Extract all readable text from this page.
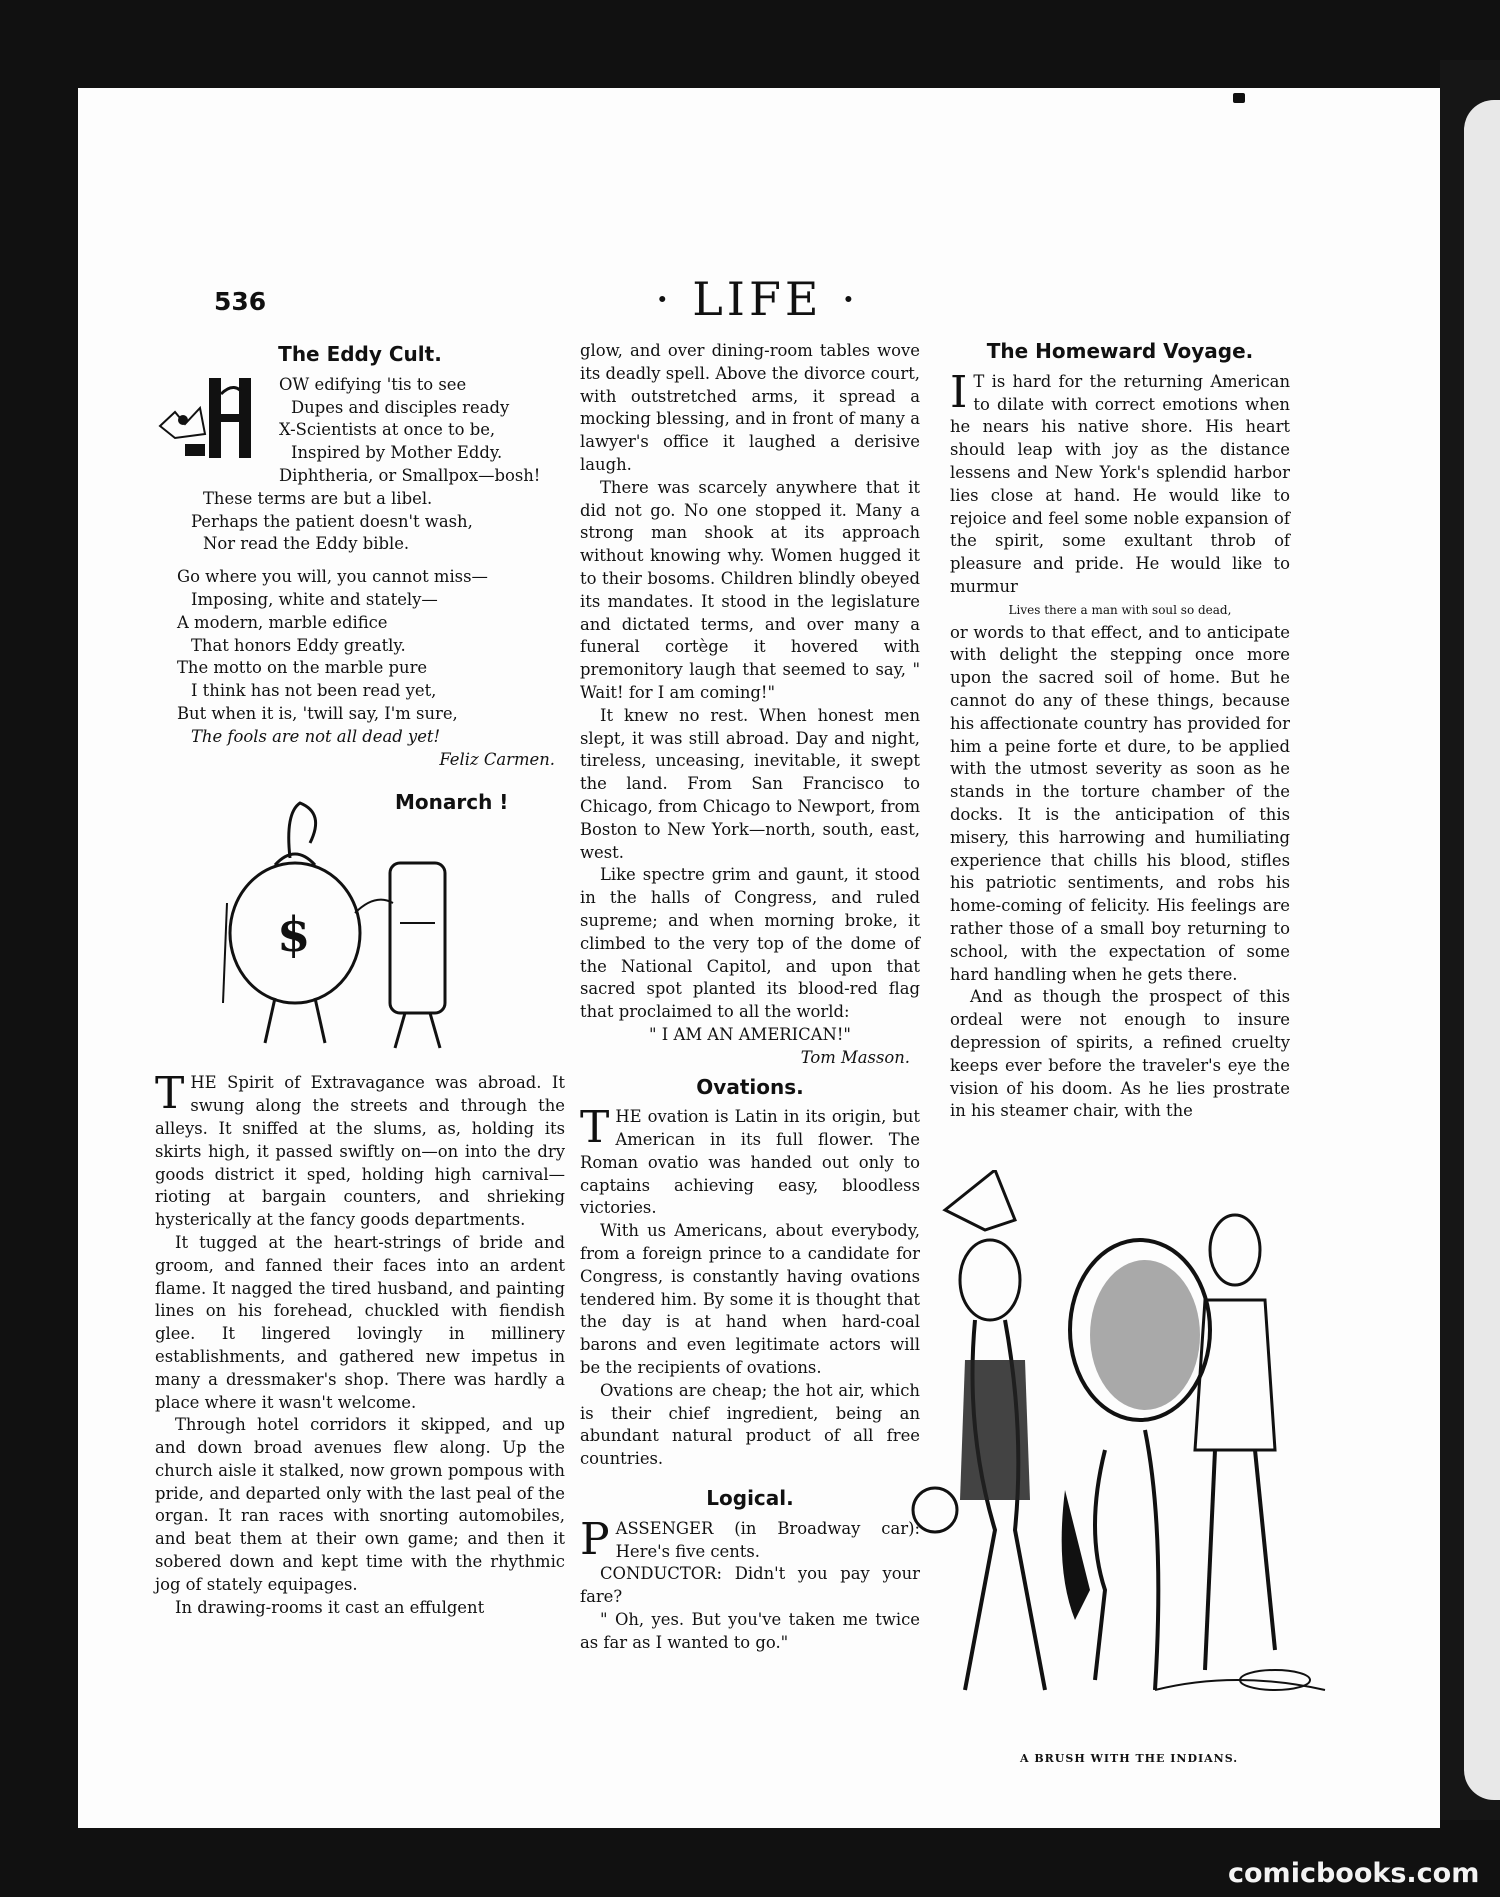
536	· LIFE ·
The Eddy Cult.
OW edifying 'tis to see
Dupes and disciples ready
X-Scientists at once to be,
Inspired by Mother Eddy.
Diphtheria, or Smallpox—bosh!
These terms are but a libel.
Perhaps the patient doesn't wash,
Nor read the Eddy bible.
Go where you will, you cannot miss—
Imposing, white and stately—
A modern, marble edifice
That honors Eddy greatly.
The motto on the marble pure
I think has not been read yet,
But when it is, 'twill say, I'm sure,
The fools are not all dead yet!
Feliz Carmen.
Monarch !
$

THE Spirit of Extravagance was abroad. It swung along the streets and through the alleys. It sniffed at the slums, as, holding its skirts high, it passed swiftly on—on into the dry goods district it sped, holding high carnival—rioting at bargain counters, and shrieking hysterically at the fancy goods departments.

It tugged at the heart-strings of bride and groom, and fanned their faces into an ardent flame. It nagged the tired husband, and painting lines on his forehead, chuckled with fiendish glee. It lingered lovingly in millinery establishments, and gathered new impetus in many a dressmaker's shop. There was hardly a place where it wasn't welcome.

Through hotel corridors it skipped, and up and down broad avenues flew along. Up the church aisle it stalked, now grown pompous with pride, and departed only with the last peal of the organ. It ran races with snorting automobiles, and beat them at their own game; and then it sobered down and kept time with the rhythmic jog of stately equipages.

In drawing-rooms it cast an effulgent

glow, and over dining-room tables wove its deadly spell. Above the divorce court, with outstretched arms, it spread a mocking blessing, and in front of many a lawyer's office it laughed a derisive laugh.

There was scarcely anywhere that it did not go. No one stopped it. Many a strong man shook at its approach without knowing why. Women hugged it to their bosoms. Children blindly obeyed its mandates. It stood in the legislature and dictated terms, and over many a funeral cortège it hovered with premonitory laugh that seemed to say, " Wait! for I am coming!"

It knew no rest. When honest men slept, it was still abroad. Day and night, tireless, unceasing, inevitable, it swept the land. From San Francisco to Chicago, from Chicago to Newport, from Boston to New York—north, south, east, west.

Like spectre grim and gaunt, it stood in the halls of Congress, and ruled supreme; and when morning broke, it climbed to the very top of the dome of the National Capitol, and upon that sacred spot planted its blood-red flag that proclaimed to all the world:

" I AM AN AMERICAN!"
Tom Masson.
Ovations.

THE ovation is Latin in its origin, but American in its full flower. The Roman ovatio was handed out only to captains achieving easy, bloodless victories.

With us Americans, about everybody, from a foreign prince to a candidate for Congress, is constantly having ovations tendered him. By some it is thought that the day is at hand when hard-coal barons and even legitimate actors will be the recipients of ovations.

Ovations are cheap; the hot air, which is their chief ingredient, being an abundant natural product of all free countries.

Logical.

PASSENGER (in Broadway car): Here's five cents.

CONDUCTOR: Didn't you pay your fare?

" Oh, yes. But you've taken me twice as far as I wanted to go."

The Homeward Voyage.

I T is hard for the returning American to dilate with correct emotions when he nears his native shore. His heart should leap with joy as the distance lessens and New York's splendid harbor lies close at hand. He would like to rejoice and feel some noble expansion of the spirit, some exultant throb of pleasure and pride. He would like to murmur

Lives there a man with soul so dead,

or words to that effect, and to anticipate with delight the stepping once more upon the sacred soil of home. But he cannot do any of these things, because his affectionate country has provided for him a peine forte et dure, to be applied with the utmost severity as soon as he stands in the torture chamber of the docks. It is the anticipation of this misery, this harrowing and humiliating experience that chills his blood, stifles his patriotic sentiments, and robs his home-coming of felicity. His feelings are rather those of a small boy returning to school, with the expectation of some hard handling when he gets there.

And as though the prospect of this ordeal were not enough to insure depression of spirits, a refined cruelty keeps ever before the traveler's eye the vision of his doom. As he lies prostrate in his steamer chair, with the

A BRUSH WITH THE INDIANS.
comicbooks.com
